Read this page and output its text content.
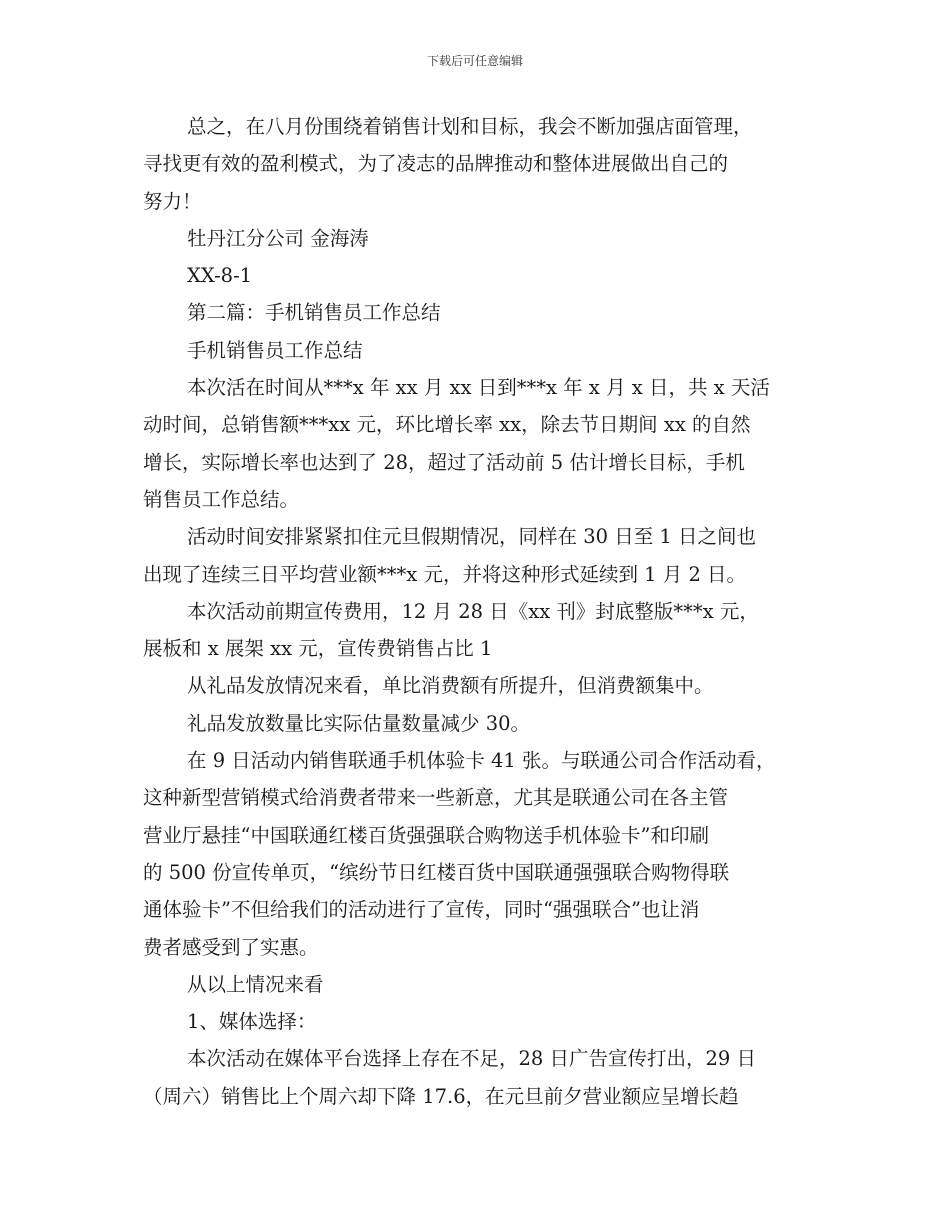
下载后可任意编辑
总之，在八月份围绕着销售计划和目标，我会不断加强店面管理，
寻找更有效的盈利模式，为了凌志的品牌推动和整体进展做出自己的
努力！
牡丹江分公司 金海涛
XX-8-1
第二篇：手机销售员工作总结
手机销售员工作总结
本次活在时间从***x 年 xx 月 xx 日到***x 年 x 月 x 日，共 x 天活
动时间，总销售额***xx 元，环比增长率 xx，除去节日期间 xx 的自然
增长，实际增长率也达到了 28，超过了活动前 5 估计增长目标，手机
销售员工作总结。
活动时间安排紧紧扣住元旦假期情况，同样在 30 日至 1 日之间也
出现了连续三日平均营业额***x 元，并将这种形式延续到 1 月 2 日。
本次活动前期宣传费用，12 月 28 日《xx 刊》封底整版***x 元，
展板和 x 展架 xx 元，宣传费销售占比 1
从礼品发放情况来看，单比消费额有所提升，但消费额集中。
礼品发放数量比实际估量数量减少 30。
在 9 日活动内销售联通手机体验卡 41 张。与联通公司合作活动看，
这种新型营销模式给消费者带来一些新意，尤其是联通公司在各主管
营业厅悬挂“中国联通红楼百货强强联合购物送手机体验卡”和印刷
的 500 份宣传单页，“缤纷节日红楼百货中国联通强强联合购物得联
通体验卡”不但给我们的活动进行了宣传，同时“强强联合”也让消
费者感受到了实惠。
从以上情况来看
1、媒体选择：
本次活动在媒体平台选择上存在不足，28 日广告宣传打出，29 日
（周六）销售比上个周六却下降 17.6，在元旦前夕营业额应呈增长趋
